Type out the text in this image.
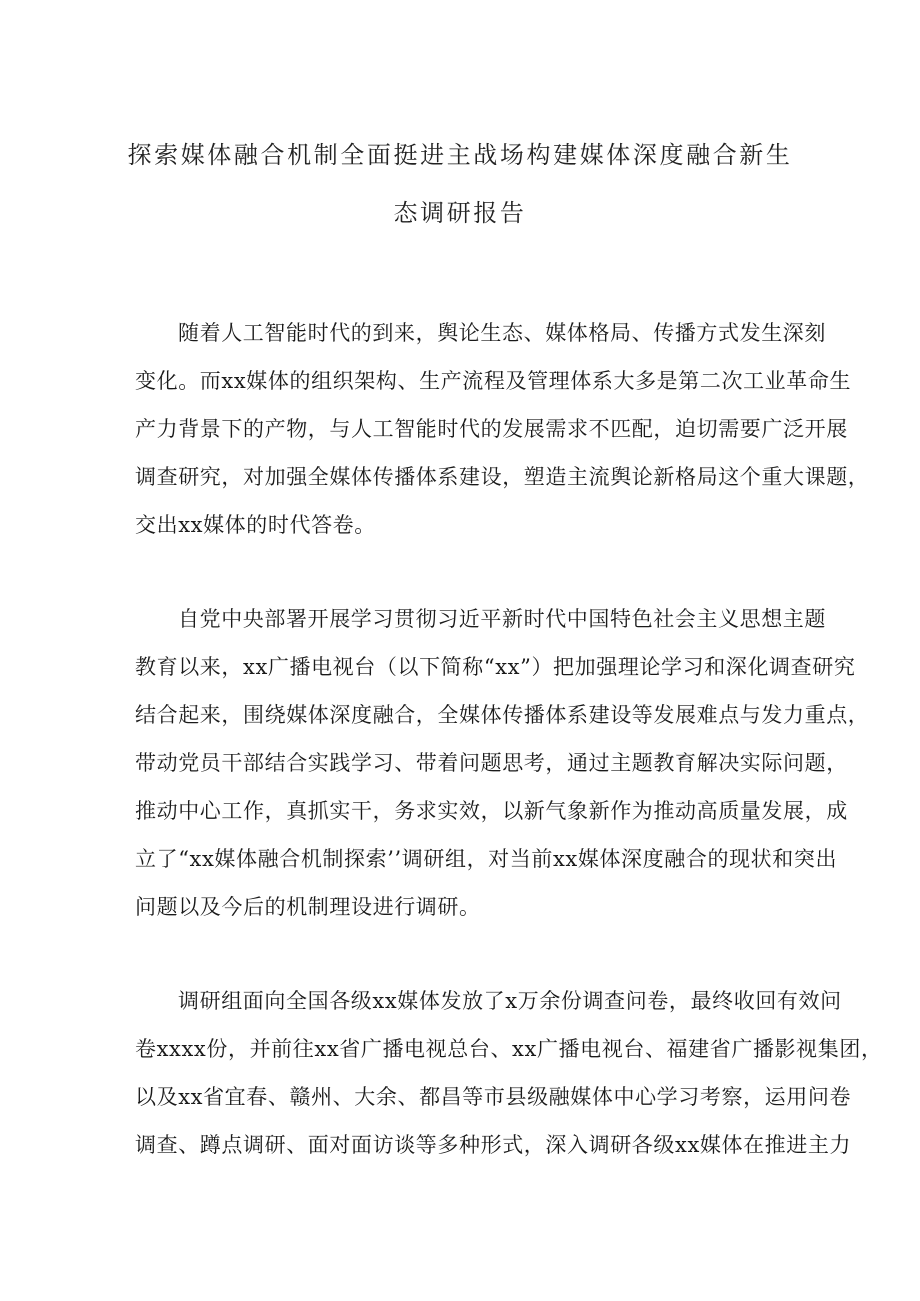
探索媒体融合机制全面挺进主战场构建媒体深度融合新生
态调研报告
随着人工智能时代的到来，舆论生态、媒体格局、传播方式发生深刻
变化。而xx媒体的组织架构、生产流程及管理体系大多是第二次工业革命生
产力背景下的产物，与人工智能时代的发展需求不匹配，迫切需要广泛开展
调查研究，对加强全媒体传播体系建设，塑造主流舆论新格局这个重大课题，
交出xx媒体的时代答卷。
自党中央部署开展学习贯彻习近平新时代中国特色社会主义思想主题
教育以来，xx广播电视台（以下简称“xx”）把加强理论学习和深化调查研究
结合起来，围绕媒体深度融合，全媒体传播体系建设等发展难点与发力重点，
带动党员干部结合实践学习、带着问题思考，通过主题教育解决实际问题，
推动中心工作，真抓实干，务求实效，以新气象新作为推动高质量发展，成
立了“xx媒体融合机制探索’’调研组，对当前xx媒体深度融合的现状和突出
问题以及今后的机制理设进行调研。
调研组面向全国各级xx媒体发放了x万余份调查问卷，最终收回有效问
卷xxxx份，并前往xx省广播电视总台、xx广播电视台、福建省广播影视集团，
以及xx省宜春、赣州、大余、都昌等市县级融媒体中心学习考察，运用问卷
调查、蹲点调研、面对面访谈等多种形式，深入调研各级xx媒体在推进主力
